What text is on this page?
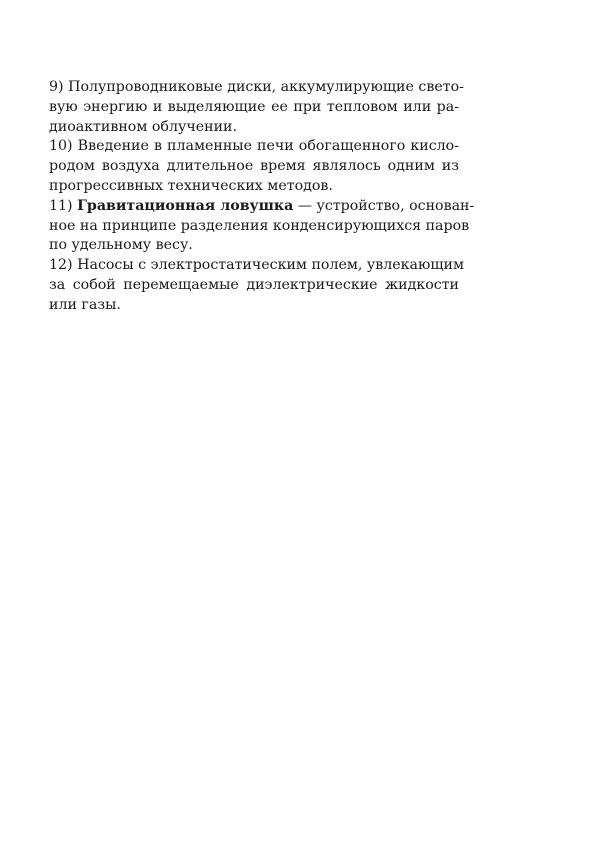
9) Полупроводниковые диски, аккумулирующие свето-
вую энергию и выделяющие ее при тепловом или ра-
диоактивном облучении.
10) Введение в пламенные печи обогащенного кисло-
родом воздуха длительное время являлось одним из
прогрессивных технических методов.
11) Гравитационная ловушка — устройство, основан-
ное на принципе разделения конденсирующихся паров
по удельному весу.
12) Насосы с электростатическим полем, увлекающим
за собой перемещаемые диэлектрические жидкости
или газы.
